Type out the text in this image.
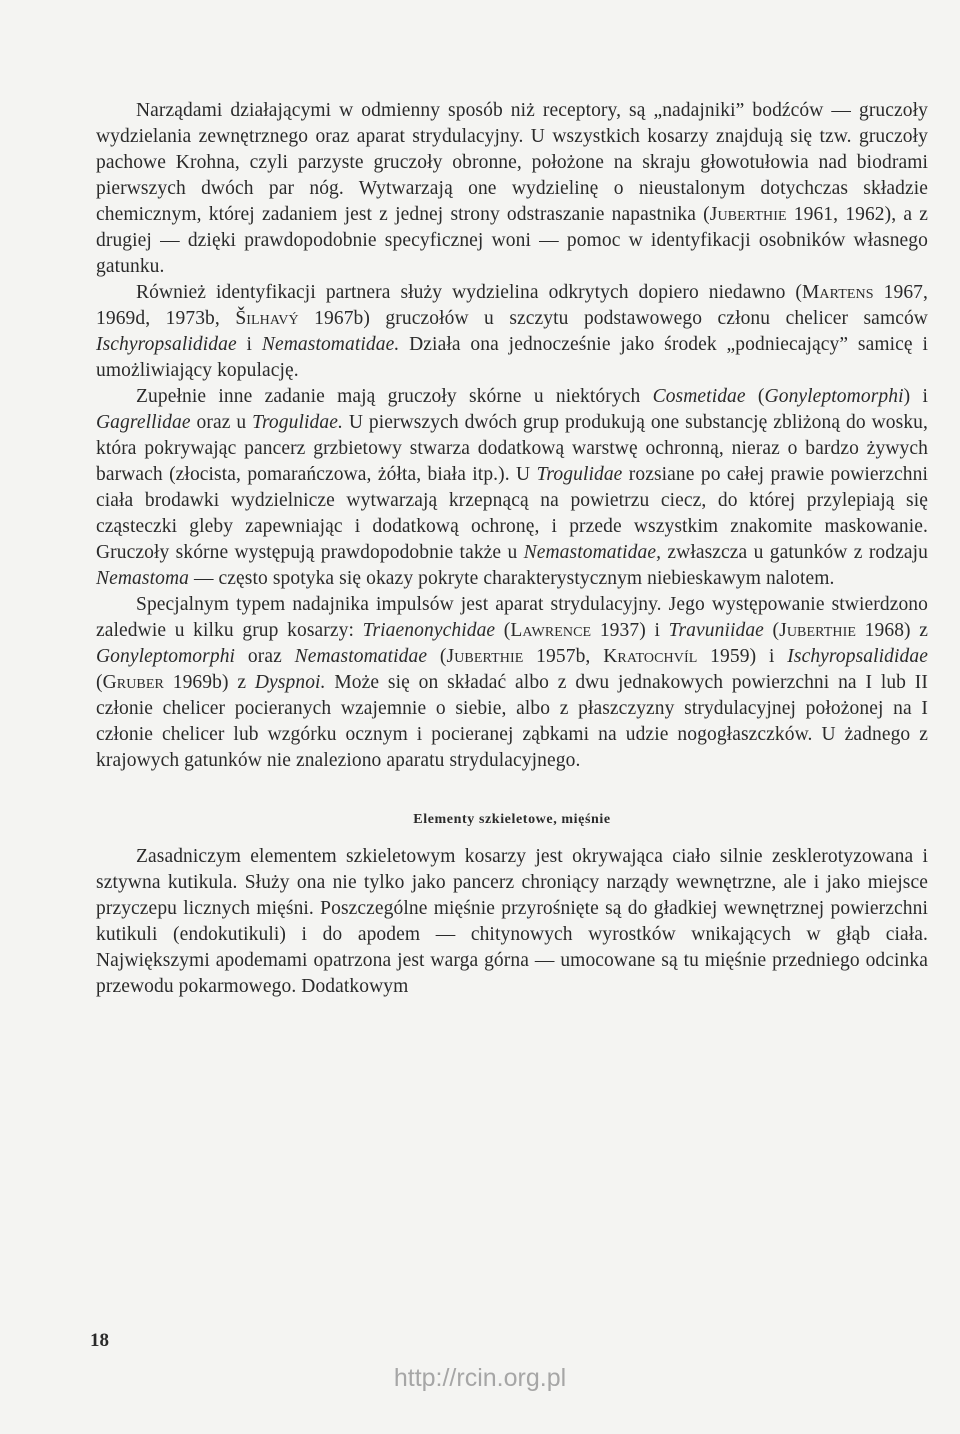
Narządami działającymi w odmienny sposób niż receptory, są „nadajniki” bodźców — gruczoły wydzielania zewnętrznego oraz aparat strydulacyjny. U wszystkich kosarzy znajdują się tzw. gruczoły pachowe Krohna, czyli parzyste gruczoły obronne, położone na skraju głowotułowia nad biodrami pierwszych dwóch par nóg. Wytwarzają one wydzielinę o nieustalonym dotychczas składzie chemicznym, której zadaniem jest z jednej strony odstraszanie napastnika (Juberthie 1961, 1962), a z drugiej — dzięki prawdopodobnie specyficznej woni — pomoc w identyfikacji osobników własnego gatunku.

Również identyfikacji partnera służy wydzielina odkrytych dopiero niedawno (Martens 1967, 1969d, 1973b, Šilhavý 1967b) gruczołów u szczytu podstawowego członu chelicer samców Ischyropsalididae i Nemastomatidae. Działa ona jednocześnie jako środek „podniecający” samicę i umożliwiający kopulację.

Zupełnie inne zadanie mają gruczoły skórne u niektórych Cosmetidae (Gonyleptomorphi) i Gagrellidae oraz u Trogulidae. U pierwszych dwóch grup produkują one substancję zbliżoną do wosku, która pokrywając pancerz grzbietowy stwarza dodatkową warstwę ochronną, nieraz o bardzo żywych barwach (złocista, pomarańczowa, żółta, biała itp.). U Trogulidae rozsiane po całej prawie powierzchni ciała brodawki wydzielnicze wytwarzają krzepnącą na powietrzu ciecz, do której przylepiają się cząsteczki gleby zapewniając i dodatkową ochronę, i przede wszystkim znakomite maskowanie. Gruczoły skórne występują prawdopodobnie także u Nemastomatidae, zwłaszcza u gatunków z rodzaju Nemastoma — często spotyka się okazy pokryte charakterystycznym niebieskawym nalotem.

Specjalnym typem nadajnika impulsów jest aparat strydulacyjny. Jego występowanie stwierdzono zaledwie u kilku grup kosarzy: Triaenonychidae (Lawrence 1937) i Travuniidae (Juberthie 1968) z Gonyleptomorphi oraz Nemastomatidae (Juberthie 1957b, Kratochvíl 1959) i Ischyropsalididae (Gruber 1969b) z Dyspnoi. Może się on składać albo z dwu jednakowych powierzchni na I lub II członie chelicer pocieranych wzajemnie o siebie, albo z płaszczyzny strydulacyjnej położonej na I członie chelicer lub wzgórku ocznym i pocieranej ząbkami na udzie nogogłaszczków. U żadnego z krajowych gatunków nie znaleziono aparatu strydulacyjnego.

Elementy szkieletowe, mięśnie

Zasadniczym elementem szkieletowym kosarzy jest okrywająca ciało silnie zesklerotyzowana i sztywna kutikula. Służy ona nie tylko jako pancerz chroniący narządy wewnętrzne, ale i jako miejsce przyczepu licznych mięśni. Poszczególne mięśnie przyrośnięte są do gładkiej wewnętrznej powierzchni kutikuli (endokutikuli) i do apodem — chitynowych wyrostków wnikających w głąb ciała. Największymi apodemami opatrzona jest warga górna — umocowane są tu mięśnie przedniego odcinka przewodu pokarmowego. Dodatkowym

18
http://rcin.org.pl
